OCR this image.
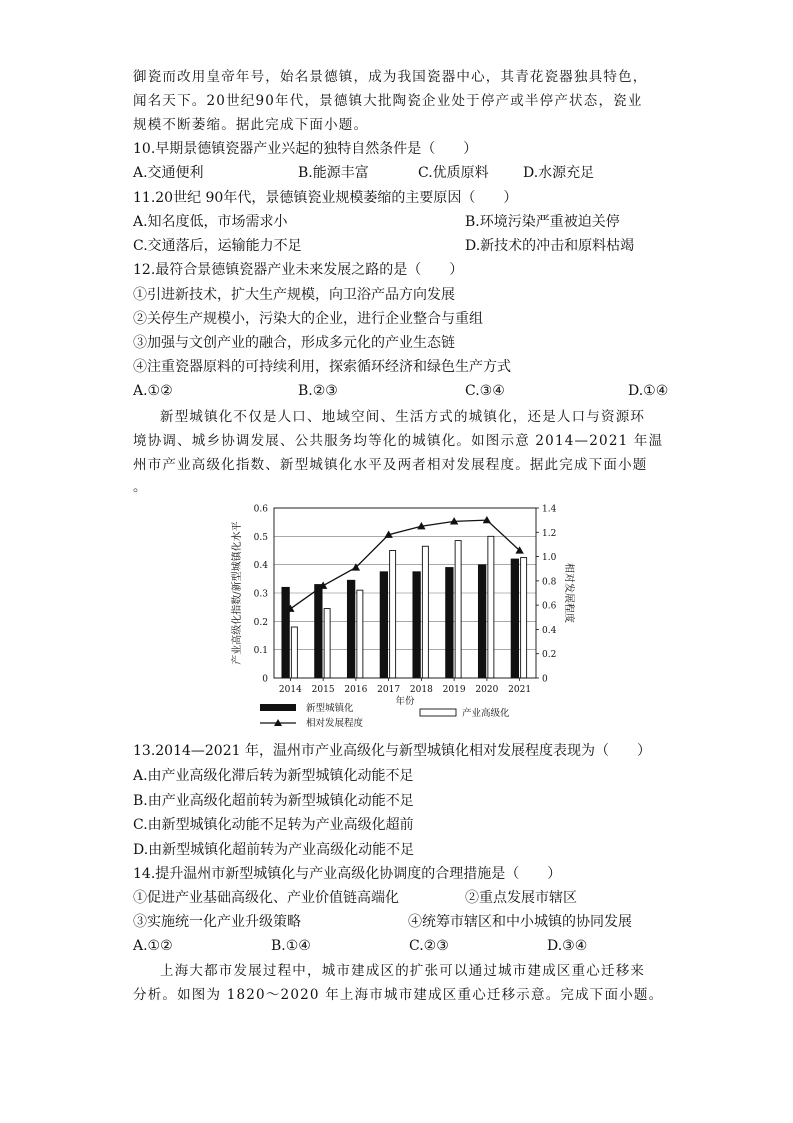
御瓷而改用皇帝年号，始名景德镇，成为我国瓷器中心，其青花瓷器独具特色，
闻名天下。20世纪90年代，景德镇大批陶瓷企业处于停产或半停产状态，瓷业
规模不断萎缩。据此完成下面小题。
10.早期景德镇瓷器产业兴起的独特自然条件是（　　）
A.交通便利	B.能源丰富	C.优质原料 D.水源充足
11.20世纪 90年代，景德镇瓷业规模萎缩的主要原因（　　）
A.知名度低，市场需求小	B.环境污染严重被迫关停
C.交通落后，运输能力不足	D.新技术的冲击和原料枯竭
12.最符合景德镇瓷器产业未来发展之路的是（　　）
①引进新技术，扩大生产规模，向卫浴产品方向发展
②关停生产规模小，污染大的企业，进行企业整合与重组
③加强与文创产业的融合，形成多元化的产业生态链
④注重瓷器原料的可持续利用，探索循环经济和绿色生产方式
A.①②	B.②③	C.③④	D.①④
新型城镇化不仅是人口、地域空间、生活方式的城镇化，还是人口与资源环
境协调、城乡协调发展、公共服务均等化的城镇化。如图示意 2014—2021 年温
州市产业高级化指数、新型城镇化水平及两者相对发展程度。据此完成下面小题
。
0
0.1
0.2
0.3
0.4
0.5
0.6
0
0.2
0.4
0.6
0.8
1.0
1.2
1.4
2014 2015 2016 2017 2018 2019 2020 2021
年份
产业高级化指数/新型城镇化水平	相对发展程度
新型城镇化	产业高级化
相对发展程度
13.2014—2021 年，温州市产业高级化与新型城镇化相对发展程度表现为（　　）
A.由产业高级化滞后转为新型城镇化动能不足
B.由产业高级化超前转为新型城镇化动能不足
C.由新型城镇化动能不足转为产业高级化超前
D.由新型城镇化超前转为产业高级化动能不足
14.提升温州市新型城镇化与产业高级化协调度的合理措施是（　　）
①促进产业基础高级化、产业价值链高端化	②重点发展市辖区
③实施统一化产业升级策略	④统筹市辖区和中小城镇的协同发展
A.①②	B.①④	C.②③	D.③④
上海大都市发展过程中，城市建成区的扩张可以通过城市建成区重心迁移来
分析。如图为 1820～2020 年上海市城市建成区重心迁移示意。完成下面小题。
